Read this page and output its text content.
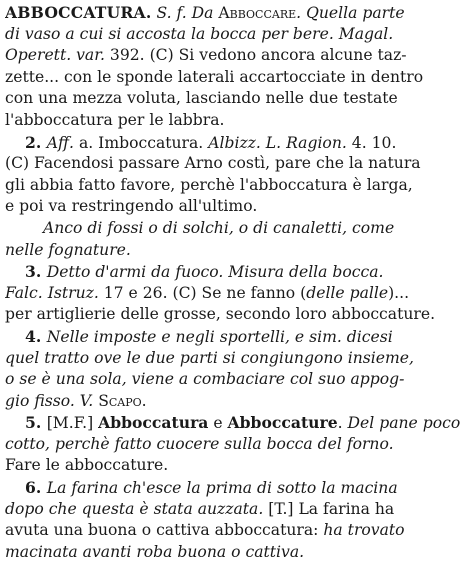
ABBOCCATURA. S. f. Da Abboccare. Quella parte
di vaso a cui si accosta la bocca per bere. Magal.
Operett. var. 392. (C) Si vedono ancora alcune taz-
zette... con le sponde laterali accartocciate in dentro
con una mezza voluta, lasciando nelle due testate
l'abboccatura per le labbra.
2. Aff. a. Imboccatura. Albizz. L. Ragion. 4. 10.
(C) Facendosi passare Arno costì, pare che la natura
gli abbia fatto favore, perchè l'abboccatura è larga,
e poi va restringendo all'ultimo.
Anco di fossi o di solchi, o di canaletti, come
nelle fognature.
3. Detto d'armi da fuoco. Misura della bocca.
Falc. Istruz. 17 e 26. (C) Se ne fanno (delle palle)...
per artiglierie delle grosse, secondo loro abboccature.
4. Nelle imposte e negli sportelli, e sim. dicesi
quel tratto ove le due parti si congiungono insieme,
o se è una sola, viene a combaciare col suo appog-
gio fisso. V. Scapo.
5. [M.F.] Abboccatura e Abboccature. Del pane poco
cotto, perchè fatto cuocere sulla bocca del forno.
Fare le abboccature.
6. La farina ch'esce la prima di sotto la macina
dopo che questa è stata auzzata. [T.] La farina ha
avuta una buona o cattiva abboccatura: ha trovato
macinata avanti roba buona o cattiva.
